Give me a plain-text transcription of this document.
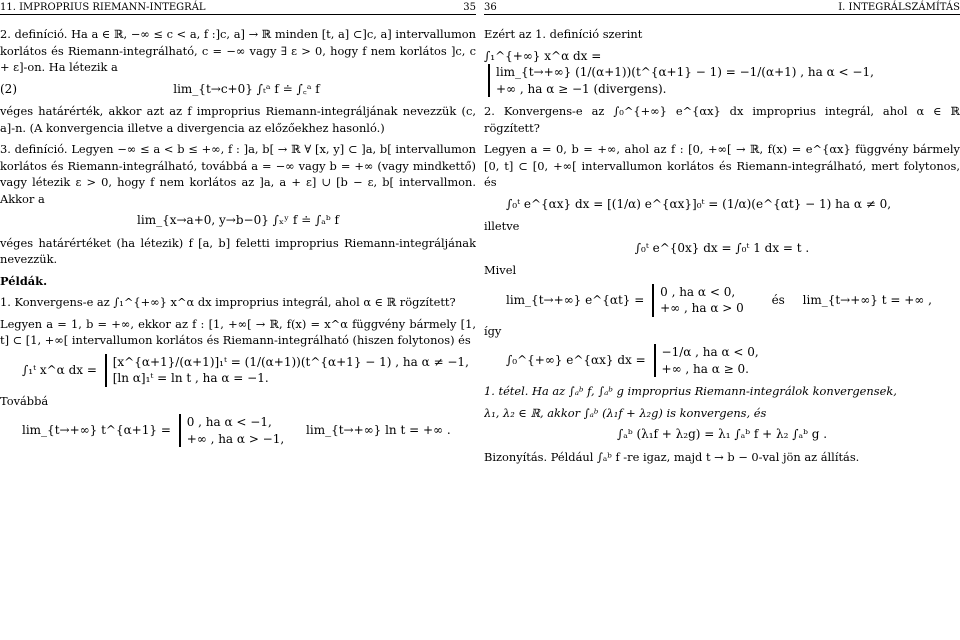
11. IMPROPRIUS RIEMANN-INTEGRÁL	35

2. definíció. Ha a ∈ ℝ, −∞ ≤ c < a, f :]c, a] → ℝ minden [t, a] ⊂]c, a] intervallumon korlátos és Riemann-integrálható, c = −∞ vagy ∃ ε > 0, hogy f nem korlátos ]c, c + ε]-on. Ha létezik a

(2)	lim_{t→c+0} ∫ₜᵃ f ≐ ∫꜀ᵃ f

véges határérték, akkor azt az f improprius Riemann-integráljának nevezzük (c, a]-n. (A konvergencia illetve a divergencia az előzőekhez hasonló.)

3. definíció. Legyen −∞ ≤ a < b ≤ +∞, f : ]a, b[ → ℝ ∀ [x, y] ⊂ ]a, b[ intervallumon korlátos és Riemann-integrálható, továbbá a = −∞ vagy b = +∞ (vagy mindkettő) vagy létezik ε > 0, hogy f nem korlátos az ]a, a + ε] ∪ [b − ε, b[ intervallmon. Akkor a

lim_{x→a+0, y→b−0} ∫ₓʸ f ≐ ∫ₐᵇ f

véges határértéket (ha létezik) f [a, b] feletti improprius Riemann-integráljának nevezzük.

Példák.

1. Konvergens-e az ∫₁^{+∞} x^α dx improprius integrál, ahol α ∈ ℝ rögzített?

Legyen a = 1, b = +∞, ekkor az f : [1, +∞[ → ℝ, f(x) = x^α függvény bármely [1, t] ⊂ [1, +∞[ intervallumon korlátos és Riemann-integrálható (hiszen folytonos) és

∫₁ᵗ x^α dx =
[x^{α+1}/(α+1)]₁ᵗ = (1/(α+1))(t^{α+1} − 1) , ha α ≠ −1,
[ln α]₁ᵗ = ln t , ha α = −1.

Továbbá

lim_{t→+∞} t^{α+1} =
0 , ha α < −1,
+∞ , ha α > −1,
lim_{t→+∞} ln t = +∞ .
36	I. INTEGRÁLSZÁMÍTÁS

Ezért az 1. definíció szerint

∫₁^{+∞} x^α dx =
lim_{t→+∞} (1/(α+1))(t^{α+1} − 1) = −1/(α+1) , ha α < −1,
+∞ , ha α ≥ −1 (divergens).

2. Konvergens-e az ∫₀^{+∞} e^{αx} dx improprius integrál, ahol α ∈ ℝ rögzített?

Legyen a = 0, b = +∞, ahol az f : [0, +∞[ → ℝ, f(x) = e^{αx} függvény bármely [0, t] ⊂ [0, +∞[ intervallumon korlátos és Riemann-integrálható, mert folytonos, és

∫₀ᵗ e^{αx} dx = [(1/α) e^{αx}]₀ᵗ = (1/α)(e^{αt} − 1) ha α ≠ 0,

illetve

∫₀ᵗ e^{0x} dx = ∫₀ᵗ 1 dx = t .

Mivel

lim_{t→+∞} e^{αt} =
0 , ha α < 0,
+∞ , ha α > 0
és lim_{t→+∞} t = +∞ ,

így

∫₀^{+∞} e^{αx} dx =
−1/α , ha α < 0,
+∞ , ha α ≥ 0.

1. tétel. Ha az ∫ₐᵇ f, ∫ₐᵇ g improprius Riemann-integrálok konvergensek,

λ₁, λ₂ ∈ ℝ, akkor ∫ₐᵇ (λ₁f + λ₂g) is konvergens, és

∫ₐᵇ (λ₁f + λ₂g) = λ₁ ∫ₐᵇ f + λ₂ ∫ₐᵇ g .

Bizonyítás. Például ∫ₐᵇ f -re igaz, majd t → b − 0-val jön az állítás.
